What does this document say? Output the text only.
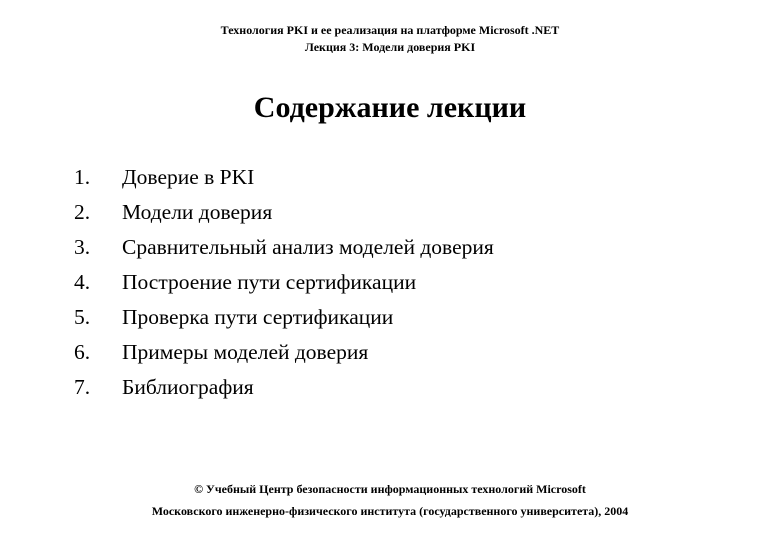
Технология PKI и ее реализация на платформе Microsoft .NET
Лекция 3: Модели доверия PKI
Содержание лекции
1.	Доверие в PKI
2.	Модели доверия
3.	Сравнительный анализ моделей доверия
4.	Построение пути сертификации
5.	Проверка пути сертификации
6.	Примеры моделей доверия
7.	Библиография
© Учебный Центр безопасности информационных технологий Microsoft
Московского инженерно-физического института (государственного университета), 2004
